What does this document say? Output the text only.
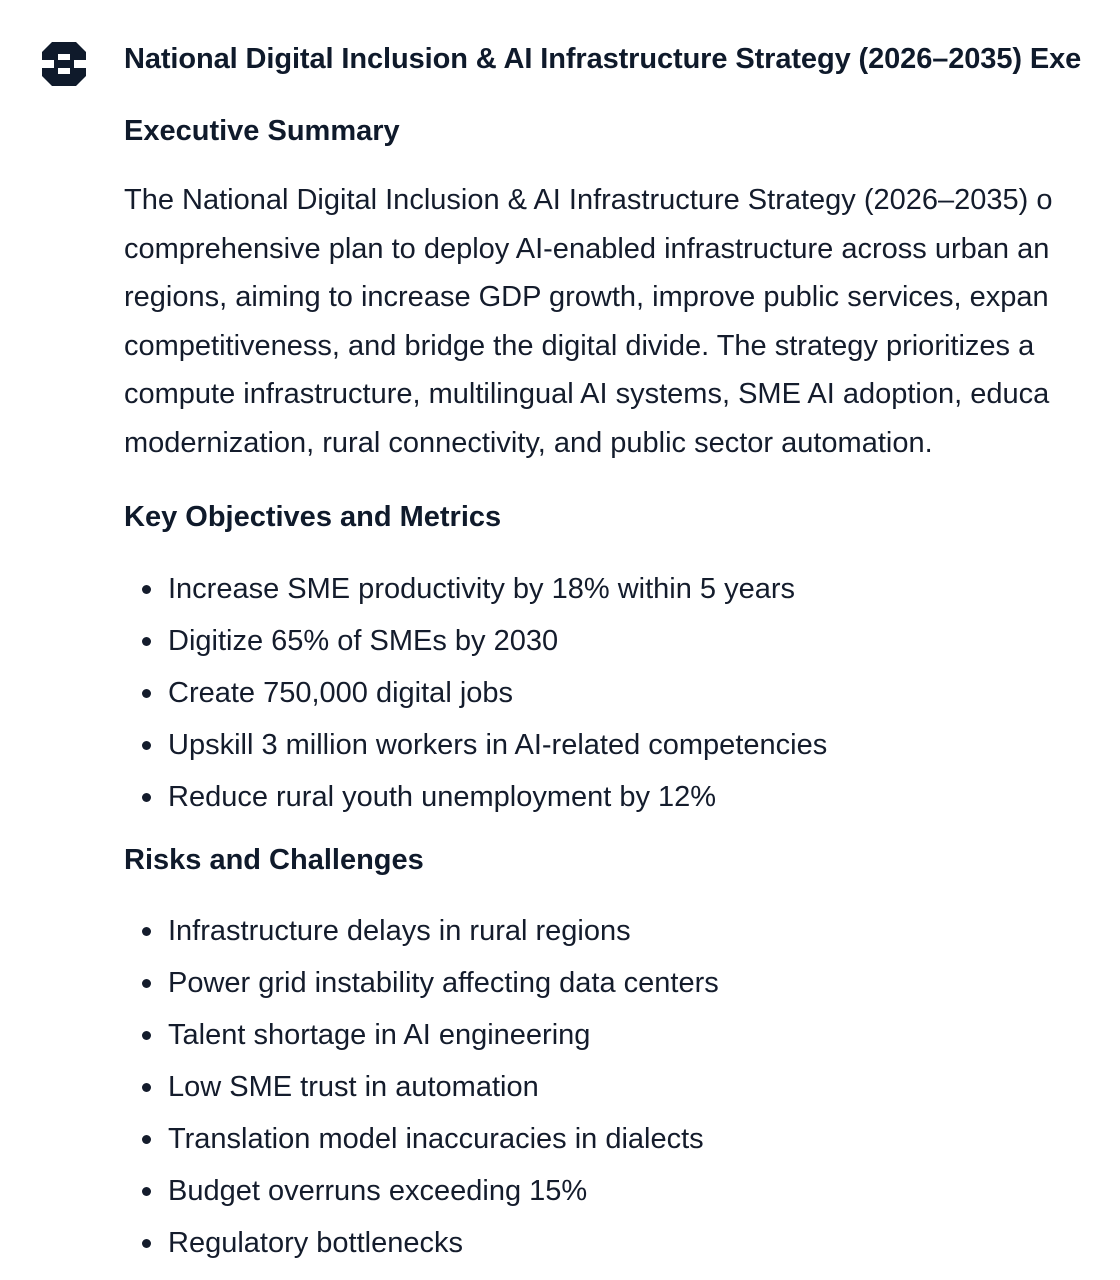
National Digital Inclusion & AI Infrastructure Strategy (2026–2035) Exe
Executive Summary

The National Digital Inclusion & AI Infrastructure Strategy (2026–2035) o
comprehensive plan to deploy AI-enabled infrastructure across urban an
regions, aiming to increase GDP growth, improve public services, expan
competitiveness, and bridge the digital divide. The strategy prioritizes a
compute infrastructure, multilingual AI systems, SME AI adoption, educa
modernization, rural connectivity, and public sector automation.

Key Objectives and Metrics
Increase SME productivity by 18% within 5 years
Digitize 65% of SMEs by 2030
Create 750,000 digital jobs
Upskill 3 million workers in AI-related competencies
Reduce rural youth unemployment by 12%
Risks and Challenges
Infrastructure delays in rural regions
Power grid instability affecting data centers
Talent shortage in AI engineering
Low SME trust in automation
Translation model inaccuracies in dialects
Budget overruns exceeding 15%
Regulatory bottlenecks
